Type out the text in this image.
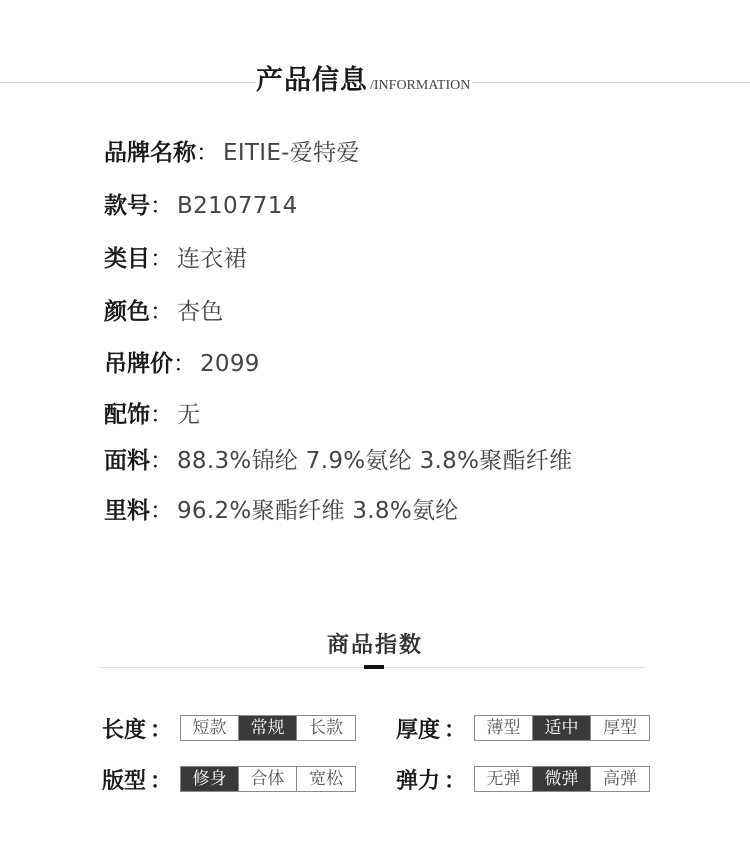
产品信息 /INFORMATION
品牌名称： EITIE-爱特爱
款号： B2107714
类目： 连衣裙
颜色： 杏色
吊牌价： 2099
配饰： 无
面料： 88.3%锦纶 7.9%氨纶 3.8%聚酯纤维
里料： 96.2%聚酯纤维 3.8%氨纶
商品指数
长度 ：	短款	常规	长款	厚度 ：	薄型	适中	厚型
版型 ：	修身	合体	宽松	弹力 ：	无弹	微弹	高弹
